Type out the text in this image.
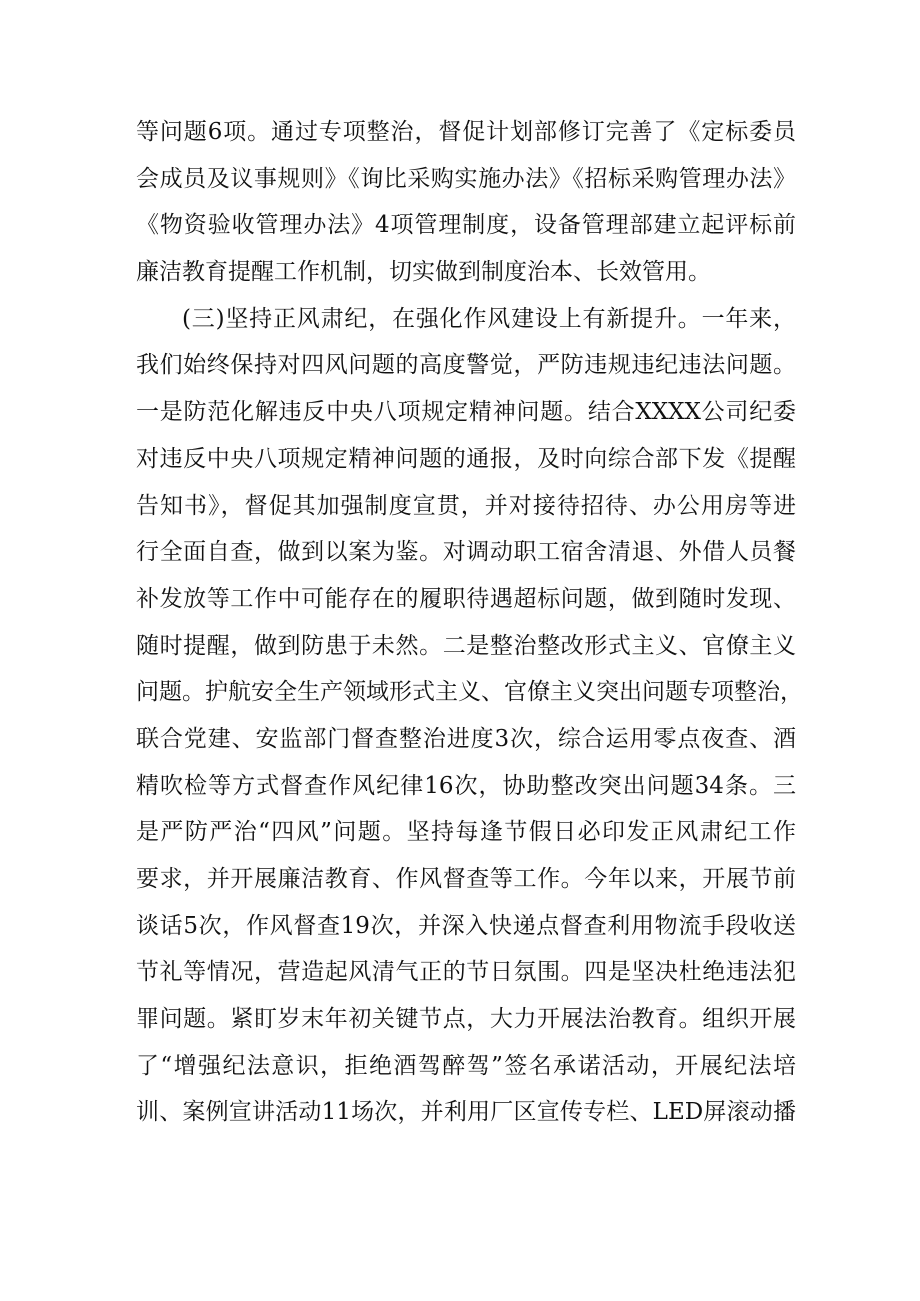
等问题6项。通过专项整治，督促计划部修订完善了《定标委员
会成员及议事规则》《询比采购实施办法》《招标采购管理办法》
《物资验收管理办法》4项管理制度，设备管理部建立起评标前
廉洁教育提醒工作机制，切实做到制度治本、长效管用。
(三)坚持正风肃纪，在强化作风建设上有新提升。一年来，
我们始终保持对四风问题的高度警觉，严防违规违纪违法问题。
一是防范化解违反中央八项规定精神问题。结合XXXX公司纪委
对违反中央八项规定精神问题的通报，及时向综合部下发《提醒
告知书》，督促其加强制度宣贯，并对接待招待、办公用房等进
行全面自查，做到以案为鉴。对调动职工宿舍清退、外借人员餐
补发放等工作中可能存在的履职待遇超标问题，做到随时发现、
随时提醒，做到防患于未然。二是整治整改形式主义、官僚主义
问题。护航安全生产领域形式主义、官僚主义突出问题专项整治，
联合党建、安监部门督查整治进度3次，综合运用零点夜查、酒
精吹检等方式督查作风纪律16次，协助整改突出问题34条。三
是严防严治“四风”问题。坚持每逢节假日必印发正风肃纪工作
要求，并开展廉洁教育、作风督查等工作。今年以来，开展节前
谈话5次，作风督查19次，并深入快递点督查利用物流手段收送
节礼等情况，营造起风清气正的节日氛围。四是坚决杜绝违法犯
罪问题。紧盯岁末年初关键节点，大力开展法治教育。组织开展
了“增强纪法意识，拒绝酒驾醉驾”签名承诺活动，开展纪法培
训、案例宣讲活动11场次，并利用厂区宣传专栏、LED屏滚动播
